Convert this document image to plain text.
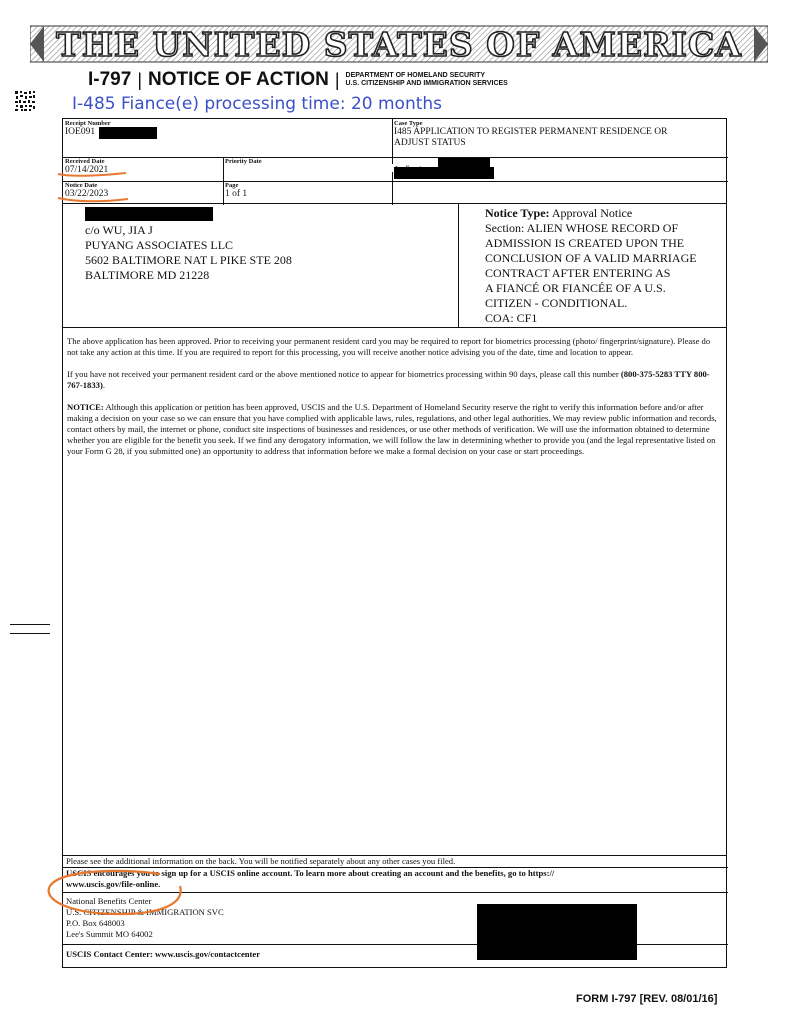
THE UNITED STATES OF AMERICA
I-797 | NOTICE OF ACTION | DEPARTMENT OF HOMELAND SECURITY
U.S. CITIZENSHIP AND IMMIGRATION SERVICES
I-485 Fiance(e) processing time: 20 months
Receipt Number
IOE091
Case Type
I485 APPLICATION TO REGISTER PERMANENT RESIDENCE OR
ADJUST STATUS
Received Date
07/14/2021
Priority Date
Notice Date
03/22/2023
Page
1 of 1
c/o WU, JIA J
PUYANG ASSOCIATES LLC
5602 BALTIMORE NAT L PIKE STE 208
BALTIMORE MD 21228
Notice Type: Approval Notice
Section: ALIEN WHOSE RECORD OF
ADMISSION IS CREATED UPON THE
CONCLUSION OF A VALID MARRIAGE
CONTRACT AFTER ENTERING AS
A FIANCÉ OR FIANCÉE OF A U.S.
CITIZEN - CONDITIONAL.
COA: CF1

The above application has been approved. Prior to receiving your permanent resident card you may be required to report for biometrics processing (photo/ fingerprint/signature). Please do not take any action at this time. If you are required to report for this processing, you will receive another notice advising you of the date, time and location to appear.

If you have not received your permanent resident card or the above mentioned notice to appear for biometrics processing within 90 days, please call this number (800-375-5283 TTY 800-767-1833).

NOTICE: Although this application or petition has been approved, USCIS and the U.S. Department of Homeland Security reserve the right to verify this information before and/or after making a decision on your case so we can ensure that you have complied with applicable laws, rules, regulations, and other legal authorities. We may review public information and records, contact others by mail, the internet or phone, conduct site inspections of businesses and residences, or use other methods of verification. We will use the information obtained to determine whether you are eligible for the benefit you seek. If we find any derogatory information, we will follow the law in determining whether to provide you (and the legal representative listed on your Form G 28, if you submitted one) an opportunity to address that information before we make a formal decision on your case or start proceedings.

Please see the additional information on the back. You will be notified separately about any other cases you filed.
USCIS encourages you to sign up for a USCIS online account. To learn more about creating an account and the benefits, go to https://
www.uscis.gov/file-online.
National Benefits Center
U.S. CITIZENSHIP & IMMIGRATION SVC
P.O. Box 648003
Lee's Summit MO 64002
USCIS Contact Center: www.uscis.gov/contactcenter
FORM I-797 [REV. 08/01/16]
